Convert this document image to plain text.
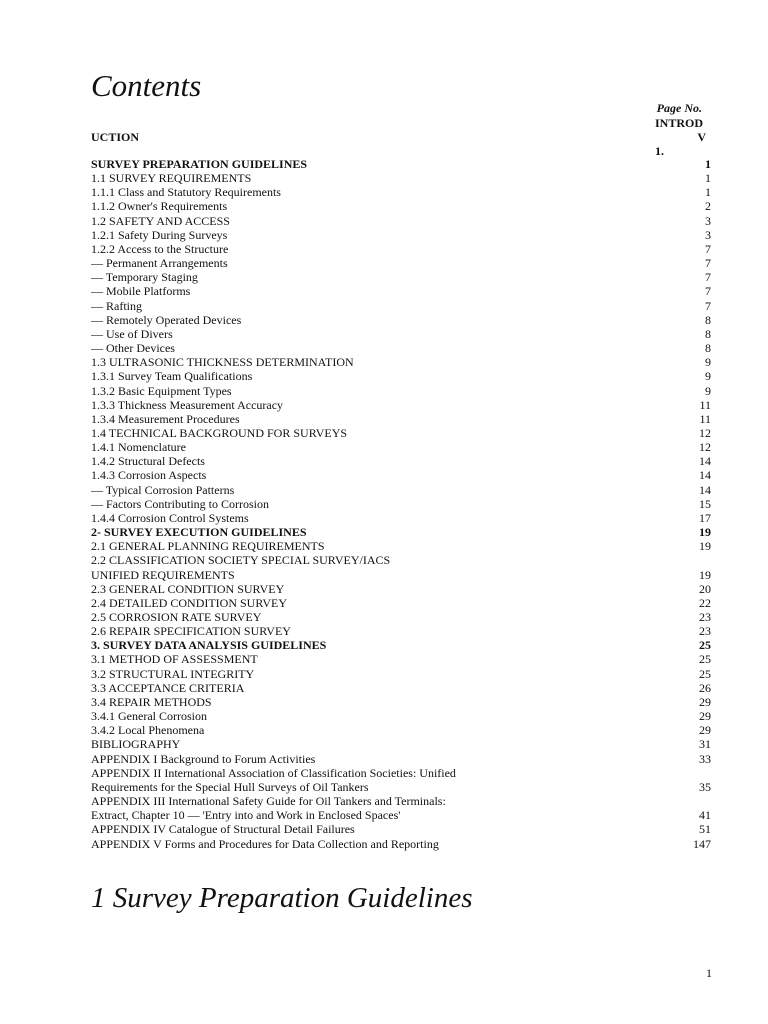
Contents
Page No.
INTROD
UCTION	V
1.
SURVEY PREPARATION GUIDELINES	1
1.1 SURVEY REQUIREMENTS	1
1.1.1 Class and Statutory Requirements	1
1.1.2 Owner's Requirements	2
1.2 SAFETY AND ACCESS	3
1.2.1 Safety During Surveys	3
1.2.2 Access to the Structure	7
— Permanent Arrangements	7
— Temporary Staging	7
— Mobile Platforms	7
— Rafting	7
— Remotely Operated Devices	8
— Use of Divers	8
— Other Devices	8
1.3 ULTRASONIC THICKNESS DETERMINATION	9
1.3.1 Survey Team Qualifications	9
1.3.2 Basic Equipment Types	9
1.3.3 Thickness Measurement Accuracy	11
1.3.4 Measurement Procedures	11
1.4 TECHNICAL BACKGROUND FOR SURVEYS	12
1.4.1 Nomenclature	12
1.4.2 Structural Defects	14
1.4.3 Corrosion Aspects	14
— Typical Corrosion Patterns	14
— Factors Contributing to Corrosion	15
1.4.4 Corrosion Control Systems	17
2- SURVEY EXECUTION GUIDELINES	19
2.1 GENERAL PLANNING REQUIREMENTS	19
2.2 CLASSIFICATION SOCIETY SPECIAL SURVEY/IACS
UNIFIED REQUIREMENTS	19
2.3 GENERAL CONDITION SURVEY	20
2.4 DETAILED CONDITION SURVEY	22
2.5 CORROSION RATE SURVEY	23
2.6 REPAIR SPECIFICATION SURVEY	23
3. SURVEY DATA ANALYSIS GUIDELINES	25
3.1 METHOD OF ASSESSMENT	25
3.2 STRUCTURAL INTEGRITY	25
3.3 ACCEPTANCE CRITERIA	26
3.4 REPAIR METHODS	29
3.4.1 General Corrosion	29
3.4.2 Local Phenomena	29
BIBLIOGRAPHY	31
APPENDIX I Background to Forum Activities	33
APPENDIX II International Association of Classification Societies: Unified
Requirements for the Special Hull Surveys of Oil Tankers	35
APPENDIX III International Safety Guide for Oil Tankers and Terminals:
Extract, Chapter 10 — 'Entry into and Work in Enclosed Spaces'	41
APPENDIX IV Catalogue of Structural Detail Failures	51
APPENDIX V Forms and Procedures for Data Collection and Reporting	147
1 Survey Preparation Guidelines
1
